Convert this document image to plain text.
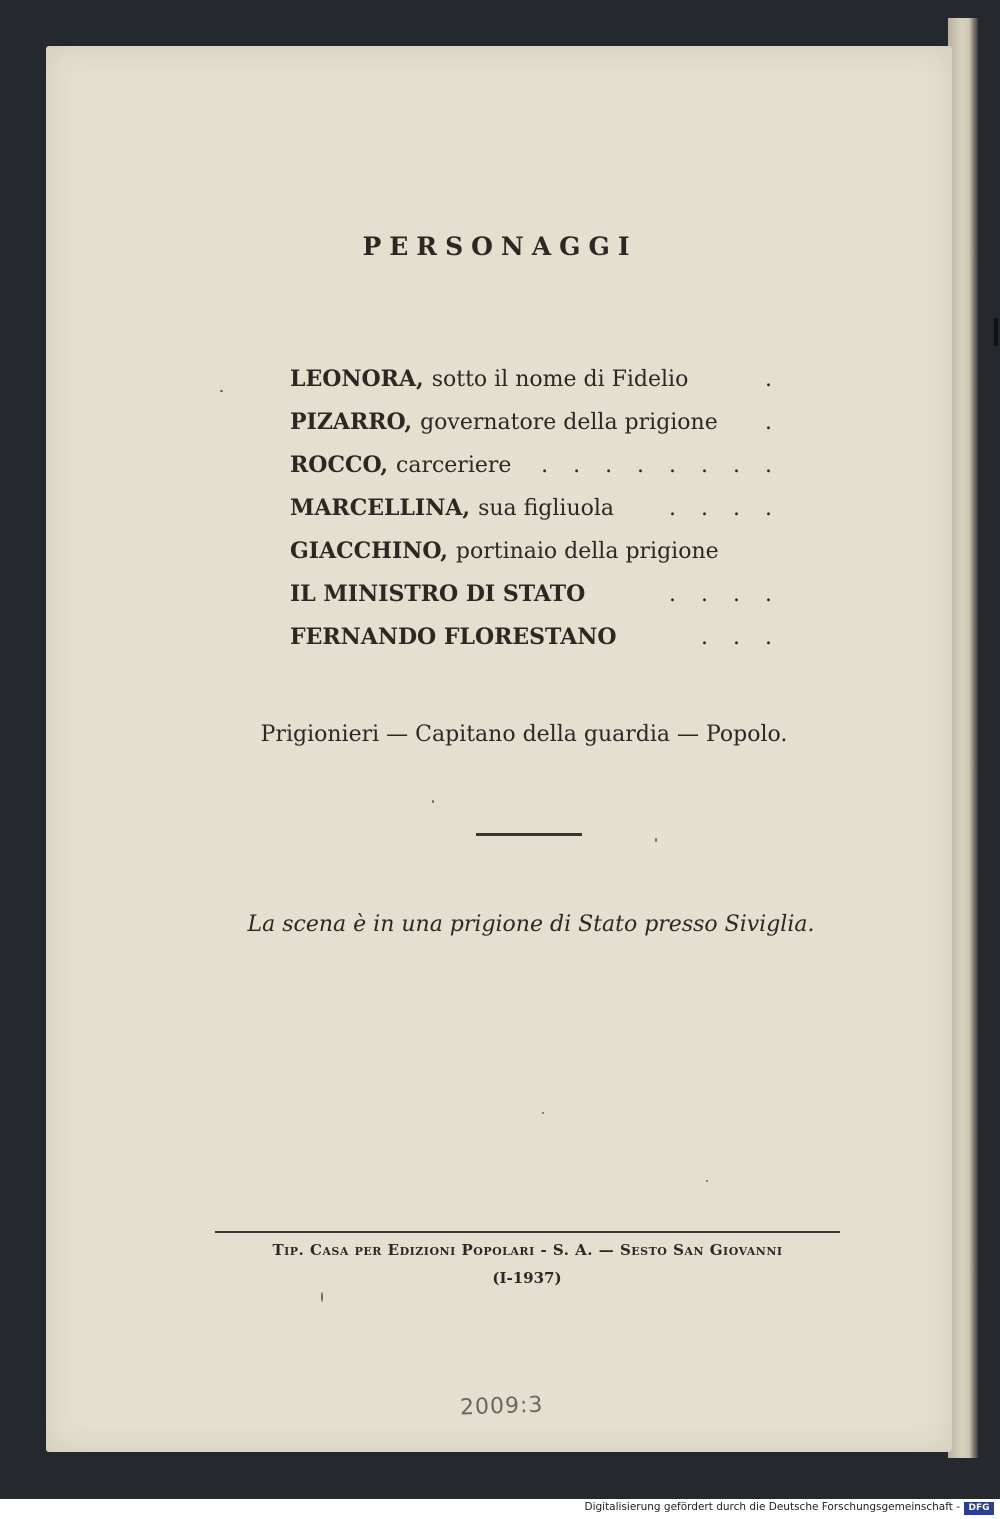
PERSONAGGI
LEONORA, sotto il nome di Fidelio	.
PIZARRO, governatore della prigione	.
ROCCO, carceriere	. . . . . . . .
MARCELLINA, sua figliuola	. . . .
GIACCHINO, portinaio della prigione
IL MINISTRO DI STATO	. . . .
FERNANDO FLORESTANO	. . .
Prigionieri — Capitano della guardia — Popolo.
La scena è in una prigione di Stato presso Siviglia.
Tip. Casa per Edizioni Popolari - S. A. — Sesto San Giovanni
(I-1937)
2009:3
Digitalisierung gefördert durch die Deutsche Forschungsgemeinschaft - DFG
